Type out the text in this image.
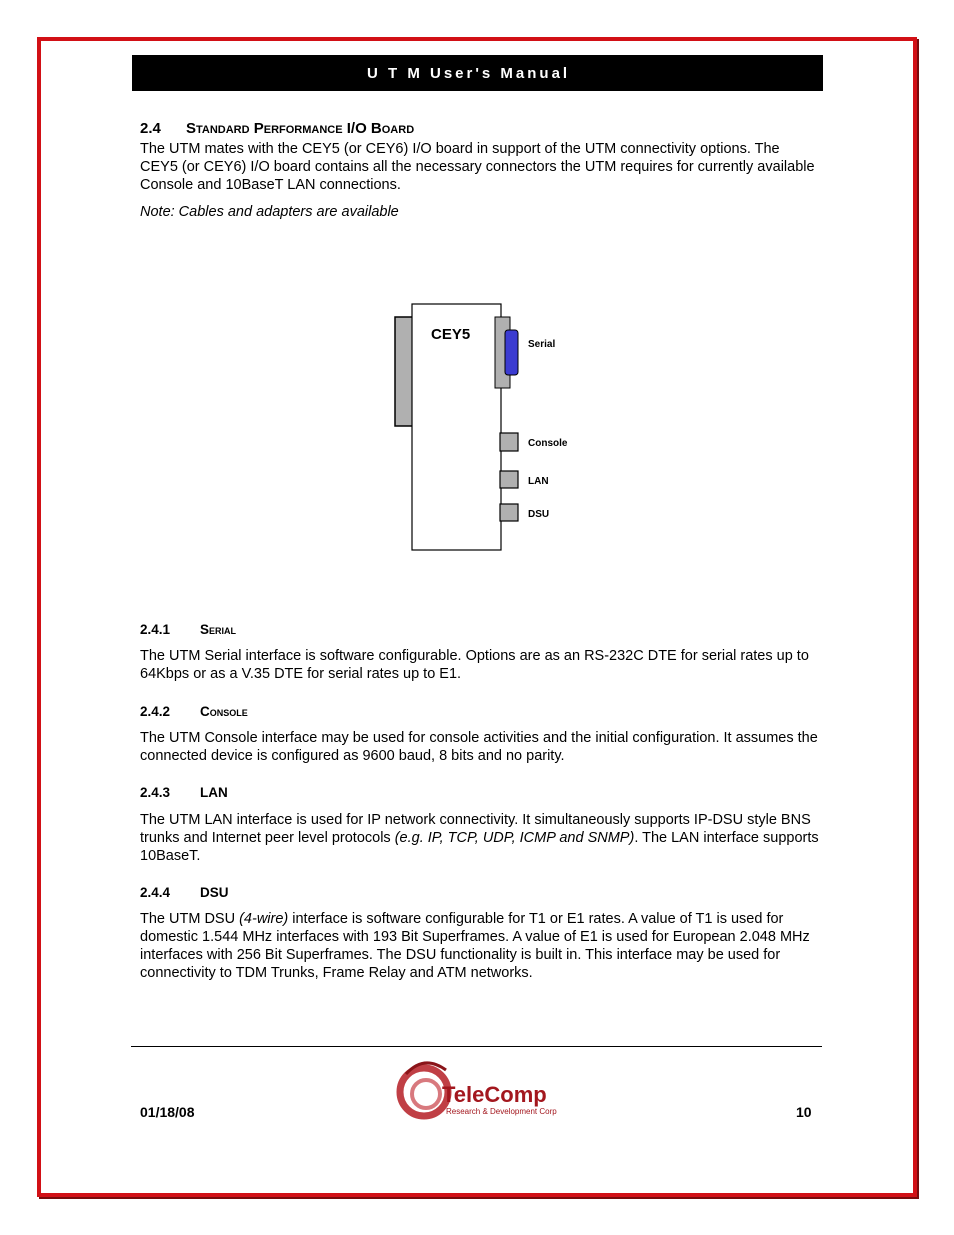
U T M User's Manual
2.4 Standard Performance I/O Board
The UTM mates with the CEY5 (or CEY6) I/O board in support of the UTM connectivity options. The CEY5 (or CEY6) I/O board contains all the necessary connectors the UTM requires for currently available Console and 10BaseT LAN connections.
Note: Cables and adapters are available
CEY5
Serial
Console
LAN
DSU
2.4.1 Serial
The UTM Serial interface is software configurable. Options are as an RS-232C DTE for serial rates up to 64Kbps or as a V.35 DTE for serial rates up to E1.
2.4.2 Console
The UTM Console interface may be used for console activities and the initial configuration. It assumes the connected device is configured as 9600 baud, 8 bits and no parity.
2.4.3 LAN
The UTM LAN interface is used for IP network connectivity. It simultaneously supports IP-DSU style BNS trunks and Internet peer level protocols (e.g. IP, TCP, UDP, ICMP and SNMP). The LAN interface supports 10BaseT.
2.4.4 DSU
The UTM DSU (4-wire) interface is software configurable for T1 or E1 rates. A value of T1 is used for domestic 1.544 MHz interfaces with 193 Bit Superframes. A value of E1 is used for European 2.048 MHz interfaces with 256 Bit Superframes. The DSU functionality is built in. This interface may be used for connectivity to TDM Trunks, Frame Relay and ATM networks.
01/18/08
TeleComp
Research & Development Corp	10
